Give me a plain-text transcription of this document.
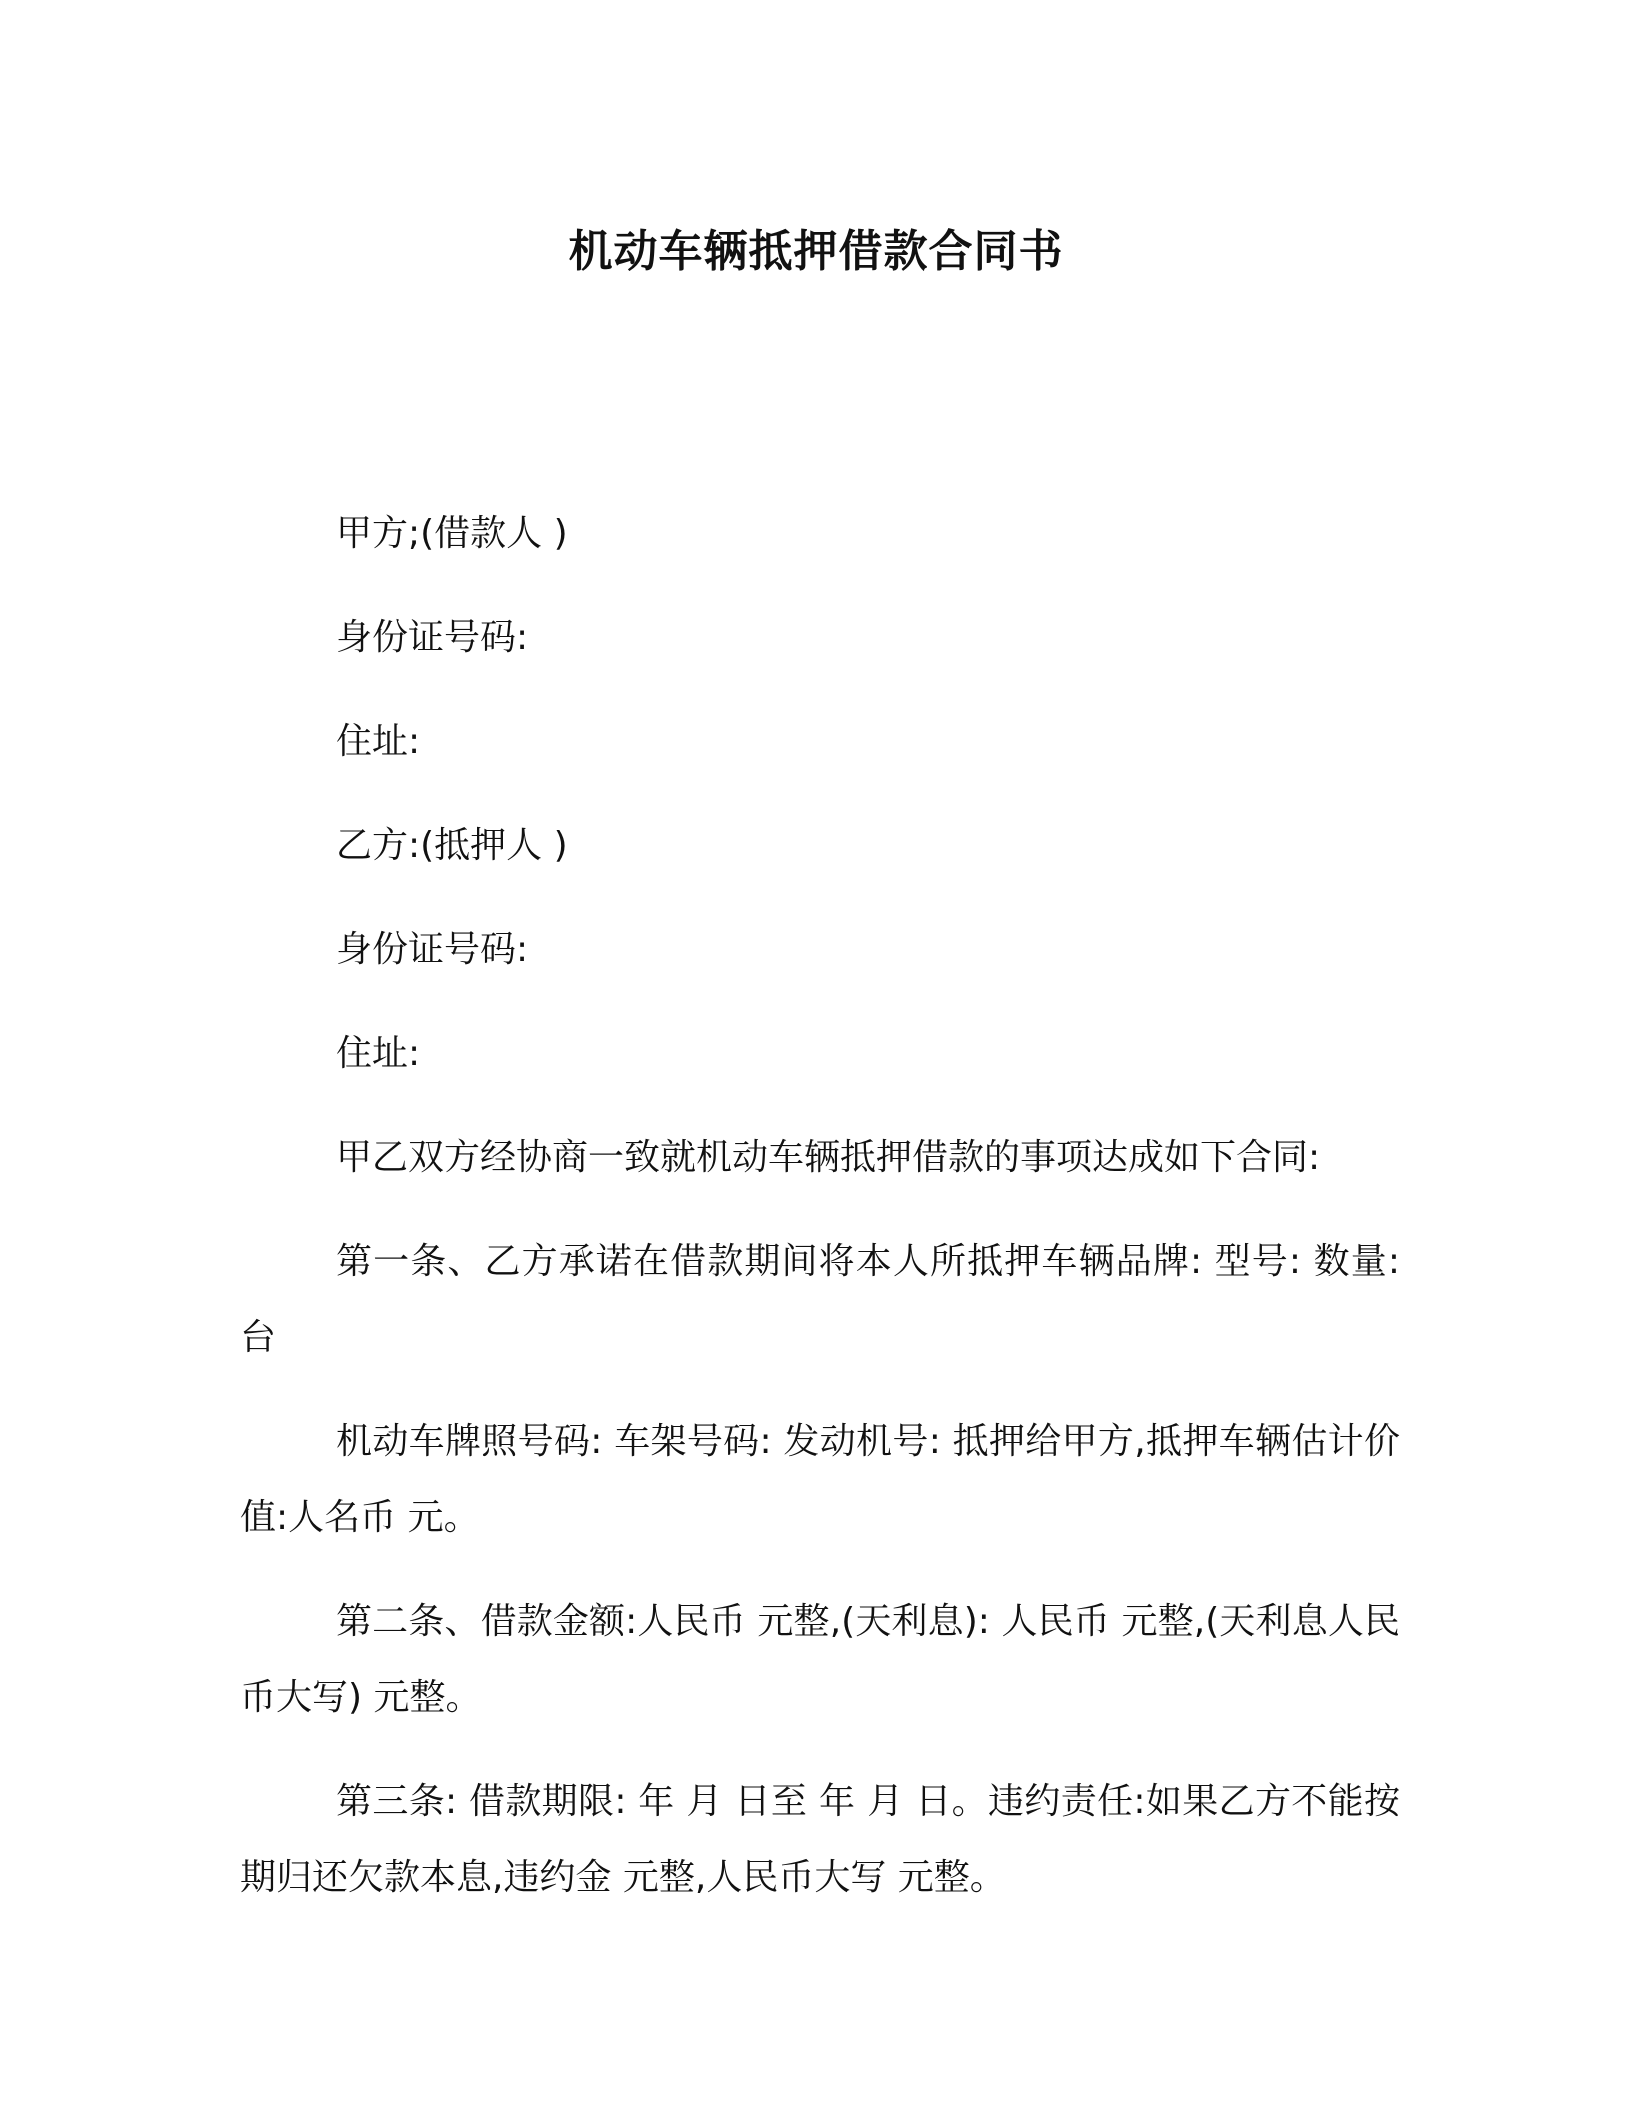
机动车辆抵押借款合同书

甲方;(借款人 )

身份证号码:

住址:

乙方:(抵押人 )

身份证号码:

住址:

甲乙双方经协商一致就机动车辆抵押借款的事项达成如下合同:

第一条、乙方承诺在借款期间将本人所抵押车辆品牌: 型号: 数量: 台

机动车牌照号码: 车架号码: 发动机号: 抵押给甲方,抵押车辆估计价值:人名币 元。

第二条、借款金额:人民币 元整,(天利息): 人民币 元整,(天利息人民币大写) 元整。

第三条: 借款期限: 年 月 日至 年 月 日。违约责任:如果乙方不能按期归还欠款本息,违约金 元整,人民币大写 元整。
